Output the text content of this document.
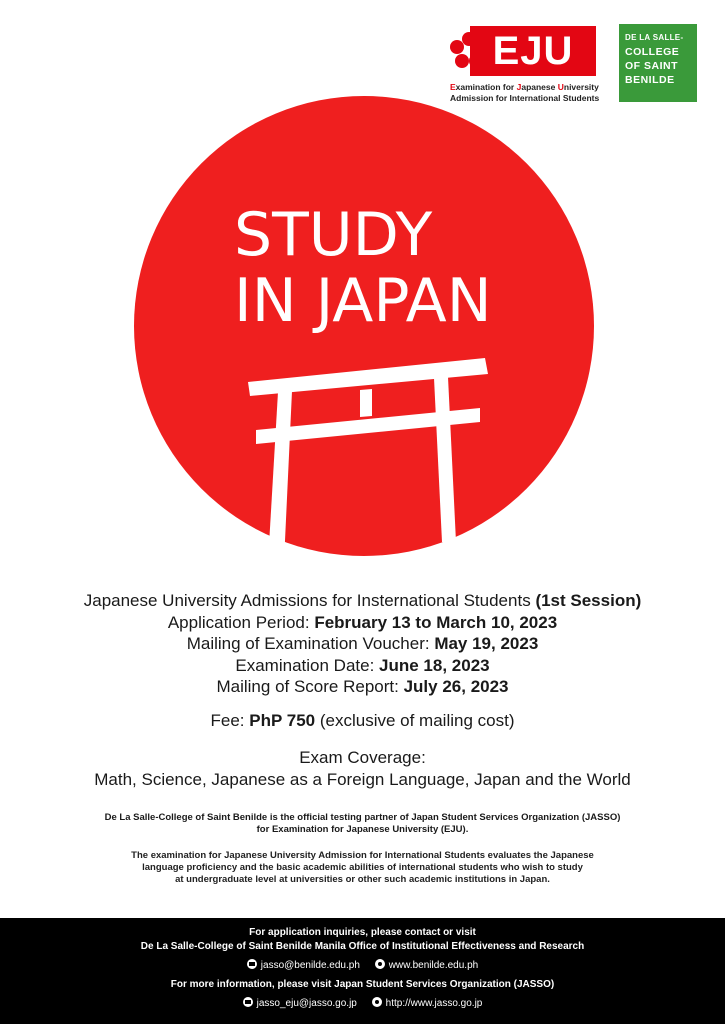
EJU
Examination for Japanese University
Admission for International Students
DE LA SALLE-
COLLEGE
OF SAINT
BENILDE
STUDY
IN JAPAN
Japanese University Admissions for Insternational Students (1st Session)
Application Period: February 13 to March 10, 2023
Mailing of Examination Voucher: May 19, 2023
Examination Date: June 18, 2023
Mailing of Score Report: July 26, 2023
Fee: PhP 750 (exclusive of mailing cost)
Exam Coverage:
Math, Science, Japanese as a Foreign Language, Japan and the World
De La Salle-College of Saint Benilde is the official testing partner of Japan Student Services Organization (JASSO)
for Examination for Japanese University (EJU).
The examination for Japanese University Admission for International Students evaluates the Japanese
language proficiency and the basic academic abilities of international students who wish to study
at undergraduate level at universities or other such academic institutions in Japan.
For application inquiries, please contact or visit
De La Salle-College of Saint Benilde Manila Office of Institutional Effectiveness and Research
jasso@benilde.edu.ph	www.benilde.edu.ph
For more information, please visit Japan Student Services Organization (JASSO)
jasso_eju@jasso.go.jp	http://www.jasso.go.jp
